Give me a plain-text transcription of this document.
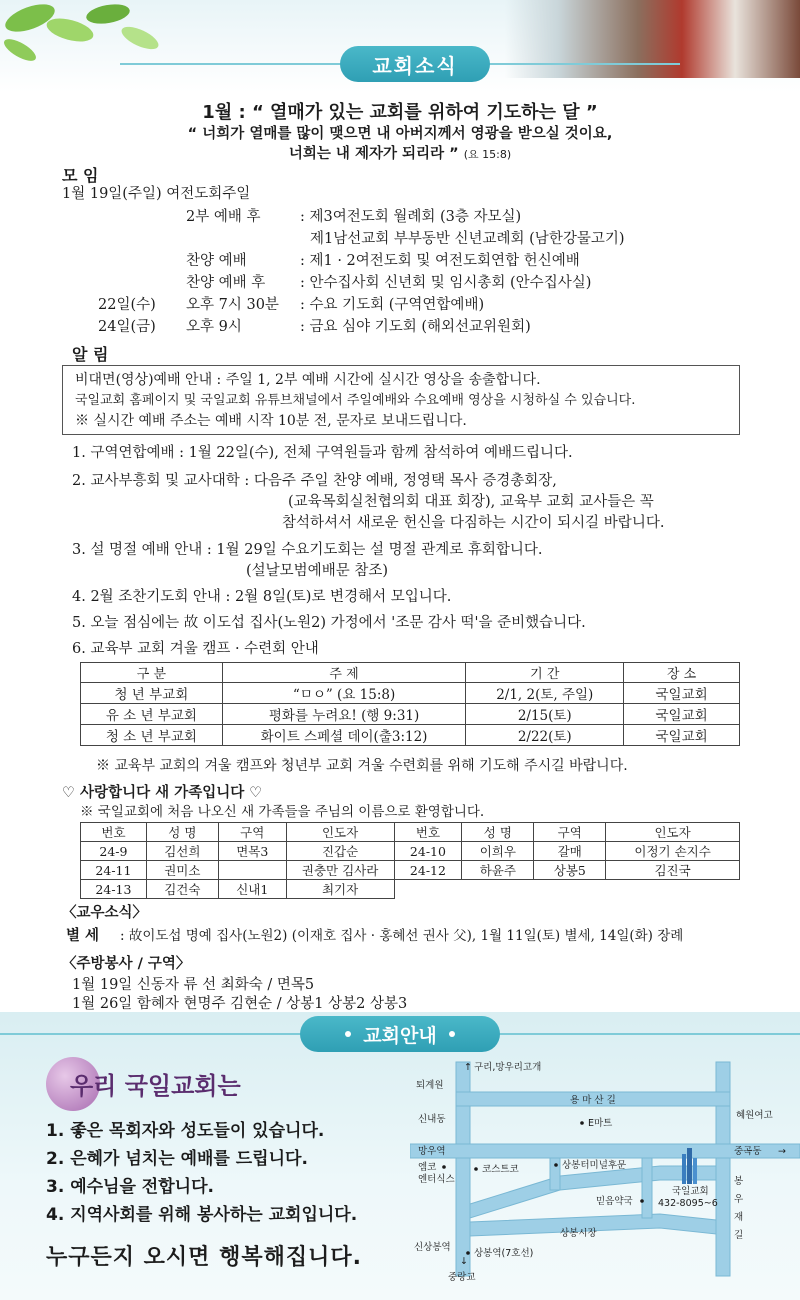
교회소식
1월 : “ 열매가 있는 교회를 위하여 기도하는 달 ”
“ 너희가 열매를 많이 맺으면 내 아버지께서 영광을 받으실 것이요,
너희는 내 제자가 되리라 ” (요 15:8)
모 임
1월 19일(주일) 여전도회주일
2부 예배 후	: 제3여전도회 월례회 (3층 자모실)
제1남선교회 부부동반 신년교례회 (남한강물고기)
찬양 예배	: 제1 · 2여전도회 및 여전도회연합 헌신예배
찬양 예배 후 : 안수집사회 신년회 및 임시총회 (안수집사실)
22일(수) 오후 7시 30분 : 수요 기도회 (구역연합예배)
24일(금) 오후 9시	: 금요 심야 기도회 (해외선교위원회)
알 림
비대면(영상)예배 안내 : 주일 1, 2부 예배 시간에 실시간 영상을 송출합니다.
국일교회 홈페이지 및 국일교회 유튜브채널에서 주일예배와 수요예배 영상을 시청하실 수 있습니다.
※ 실시간 예배 주소는 예배 시작 10분 전, 문자로 보내드립니다.
1. 구역연합예배 : 1월 22일(수), 전체 구역원들과 함께 참석하여 예배드립니다.
2. 교사부흥회 및 교사대학 : 다음주 주일 찬양 예배, 정영택 목사 증경총회장,
(교육목회실천협의회 대표 회장), 교육부 교회 교사들은 꼭
참석하셔서 새로운 헌신을 다짐하는 시간이 되시길 바랍니다.
3. 설 명절 예배 안내 : 1월 29일 수요기도회는 설 명절 관계로 휴회합니다.
(설날모범예배문 참조)
4. 2월 조찬기도회 안내 : 2월 8일(토)로 변경해서 모입니다.
5. 오늘 점심에는 故 이도섭 집사(노원2) 가정에서 '조문 감사 떡'을 준비했습니다.
6. 교육부 교회 겨울 캠프 · 수련회 안내
구 분	주 제	기 간	장 소
청 년 부교회	“ㅁㅇ” (요 15:8)	2/1, 2(토, 주일)	국일교회
유 소 년 부교회	평화를 누려요! (행 9:31)	2/15(토)	국일교회
청 소 년 부교회	화이트 스페셜 데이(출3:12)	2/22(토)	국일교회
※ 교육부 교회의 겨울 캠프와 청년부 교회 겨울 수련회를 위해 기도해 주시길 바랍니다.
♡ 사랑합니다 새 가족입니다 ♡
※ 국일교회에 처음 나오신 새 가족들을 주님의 이름으로 환영합니다.
번호	성 명	구역	인도자	번호	성 명	구역	인도자
24-9	김선희	면목3	진갑순	24-10	이희우	갈매	이정기 손지수
24-11	권미소		권충만 김사라	24-12	하윤주	상봉5	김진국
24-13	김건숙	신내1	최기자				
〈교우소식〉
별 세 : 故이도섭 명예 집사(노원2) (이재호 집사 · 홍혜선 권사 父), 1월 11일(토) 별세, 14일(화) 장례
〈주방봉사 / 구역〉
1월 19일 신동자 류 선 최화숙 / 면목5
1월 26일 함혜자 현명주 김현순 / 상봉1 상봉2 상봉3
교회안내
우리 국일교회는
1. 좋은 목회자와 성도들이 있습니다.
2. 은혜가 넘치는 예배를 드립니다.
3. 예수님을 전합니다.
4. 지역사회를 위해 봉사하는 교회입니다.
누구든지 오시면 행복해집니다.
구리,망우리고개
↑
퇴계원
용 마 산 길
신내동	E마트
혜원여고
망우역	중곡동 →
엠코
엔터식스
코스트코	상봉터미널후문
믿음약국
국일교회
432-8095~6
봉
우
재
길
상봉시장
신상봉역
상봉역(7호선)
↓
중랑교
